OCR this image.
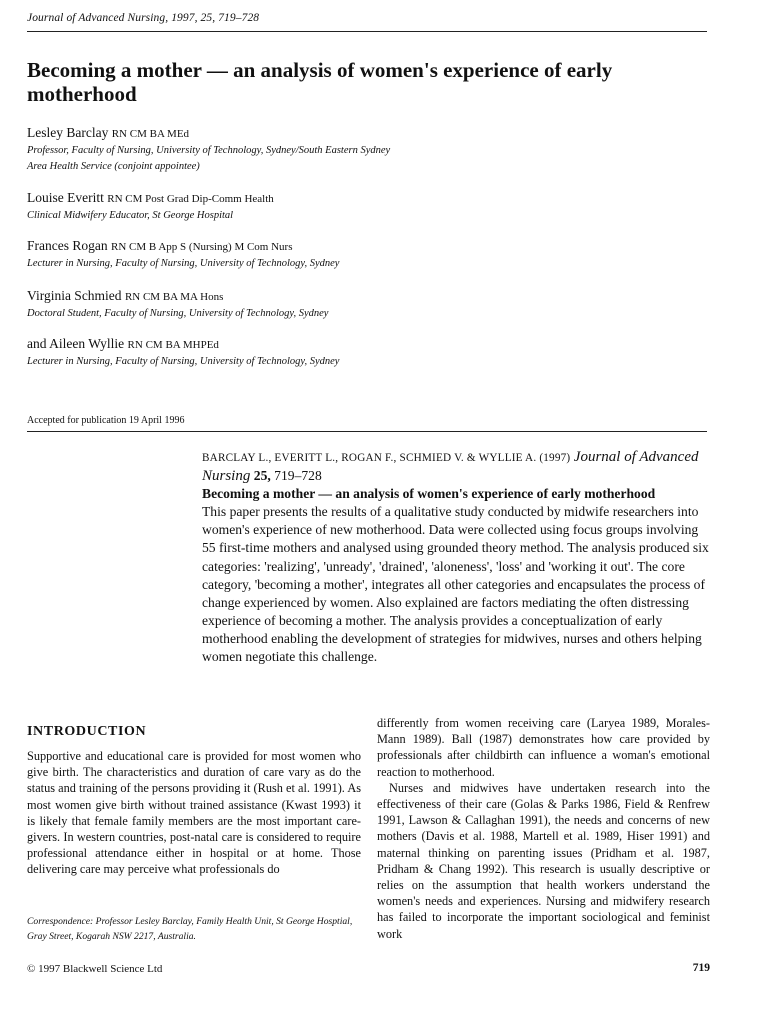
Journal of Advanced Nursing, 1997, 25, 719–728
Becoming a mother — an analysis of women's experience of early motherhood
Lesley Barclay RN CM BA MEd
Professor, Faculty of Nursing, University of Technology, Sydney/South Eastern Sydney
Area Health Service (conjoint appointee)
Louise Everitt RN CM Post Grad Dip-Comm Health
Clinical Midwifery Educator, St George Hospital
Frances Rogan RN CM B App S (Nursing) M Com Nurs
Lecturer in Nursing, Faculty of Nursing, University of Technology, Sydney
Virginia Schmied RN CM BA MA Hons
Doctoral Student, Faculty of Nursing, University of Technology, Sydney
and Aileen Wyllie RN CM BA MHPEd
Lecturer in Nursing, Faculty of Nursing, University of Technology, Sydney
Accepted for publication 19 April 1996
BARCLAY L., EVERITT L., ROGAN F., SCHMIED V. & WYLLIE A. (1997) Journal of Advanced Nursing 25, 719–728
Becoming a mother — an analysis of women's experience of early motherhood
This paper presents the results of a qualitative study conducted by midwife researchers into women's experience of new motherhood. Data were collected using focus groups involving 55 first-time mothers and analysed using grounded theory method. The analysis produced six categories: 'realizing', 'unready', 'drained', 'aloneness', 'loss' and 'working it out'. The core category, 'becoming a mother', integrates all other categories and encapsulates the process of change experienced by women. Also explained are factors mediating the often distressing experience of becoming a mother. The analysis provides a conceptualization of early motherhood enabling the development of strategies for midwives, nurses and others helping women negotiate this challenge.
INTRODUCTION

Supportive and educational care is provided for most women who give birth. The characteristics and duration of care vary as do the status and training of the persons providing it (Rush et al. 1991). As most women give birth without trained assistance (Kwast 1993) it is likely that female family members are the most important care-givers. In western countries, post-natal care is considered to require professional attendance either in hospital or at home. Those delivering care may perceive what professionals do

differently from women receiving care (Laryea 1989, Morales-Mann 1989). Ball (1987) demonstrates how care provided by professionals after childbirth can influence a woman's emotional reaction to motherhood.

Nurses and midwives have undertaken research into the effectiveness of their care (Golas & Parks 1986, Field & Renfrew 1991, Lawson & Callaghan 1991), the needs and concerns of new mothers (Davis et al. 1988, Martell et al. 1989, Hiser 1991) and maternal thinking on parenting issues (Pridham et al. 1987, Pridham & Chang 1992). This research is usually descriptive or relies on the assumption that health workers understand the women's needs and experiences. Nursing and midwifery research has failed to incorporate the important sociological and feminist work

Correspondence: Professor Lesley Barclay, Family Health Unit, St George Hosptial, Gray Street, Kogarah NSW 2217, Australia.
© 1997 Blackwell Science Ltd	719
